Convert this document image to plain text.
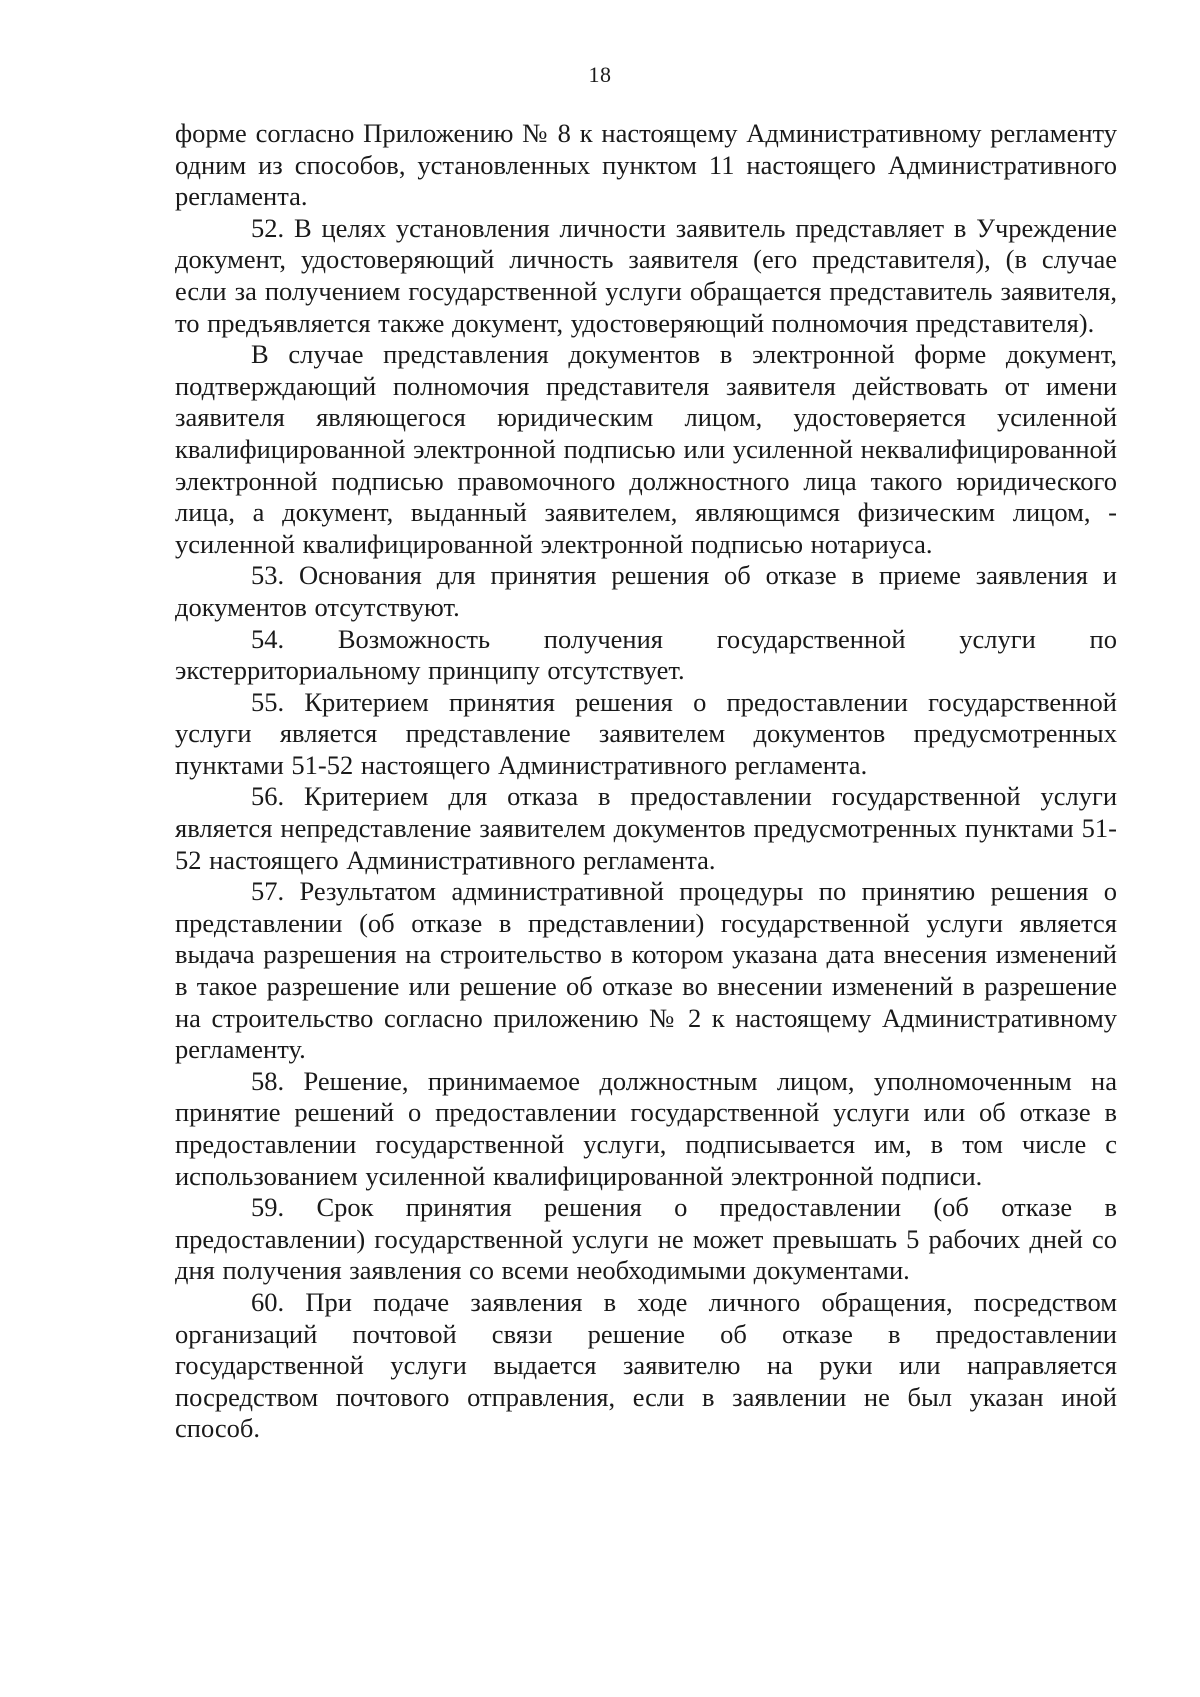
18

форме согласно Приложению № 8 к настоящему Административному регламенту одним из способов, установленных пунктом 11 настоящего Административного регламента.

52. В целях установления личности заявитель представляет в Учреждение документ, удостоверяющий личность заявителя (его представителя), (в случае если за получением государственной услуги обращается представитель заявителя, то предъявляется также документ, удостоверяющий полномочия представителя).

В случае представления документов в электронной форме документ, подтверждающий полномочия представителя заявителя действовать от имени заявителя являющегося юридическим лицом, удостоверяется усиленной квалифицированной электронной подписью или усиленной неквалифицированной электронной подписью правомочного должностного лица такого юридического лица, а документ, выданный заявителем, являющимся физическим лицом, - усиленной квалифицированной электронной подписью нотариуса.

53. Основания для принятия решения об отказе в приеме заявления и документов отсутствуют.

54. Возможность получения государственной услуги по экстерриториальному принципу отсутствует.

55. Критерием принятия решения о предоставлении государственной услуги является представление заявителем документов предусмотренных пунктами 51-52 настоящего Административного регламента.

56. Критерием для отказа в предоставлении государственной услуги является непредставление заявителем документов предусмотренных пунктами 51-52 настоящего Административного регламента.

57. Результатом административной процедуры по принятию решения о представлении (об отказе в представлении) государственной услуги является выдача разрешения на строительство в котором указана дата внесения изменений в такое разрешение или решение об отказе во внесении изменений в разрешение на строительство согласно приложению № 2 к настоящему Административному регламенту.

58. Решение, принимаемое должностным лицом, уполномоченным на принятие решений о предоставлении государственной услуги или об отказе в предоставлении государственной услуги, подписывается им, в том числе с использованием усиленной квалифицированной электронной подписи.

59. Срок принятия решения о предоставлении (об отказе в предоставлении) государственной услуги не может превышать 5 рабочих дней со дня получения заявления со всеми необходимыми документами.

60. При подаче заявления в ходе личного обращения, посредством организаций почтовой связи решение об отказе в предоставлении государственной услуги выдается заявителю на руки или направляется посредством почтового отправления, если в заявлении не был указан иной способ.
